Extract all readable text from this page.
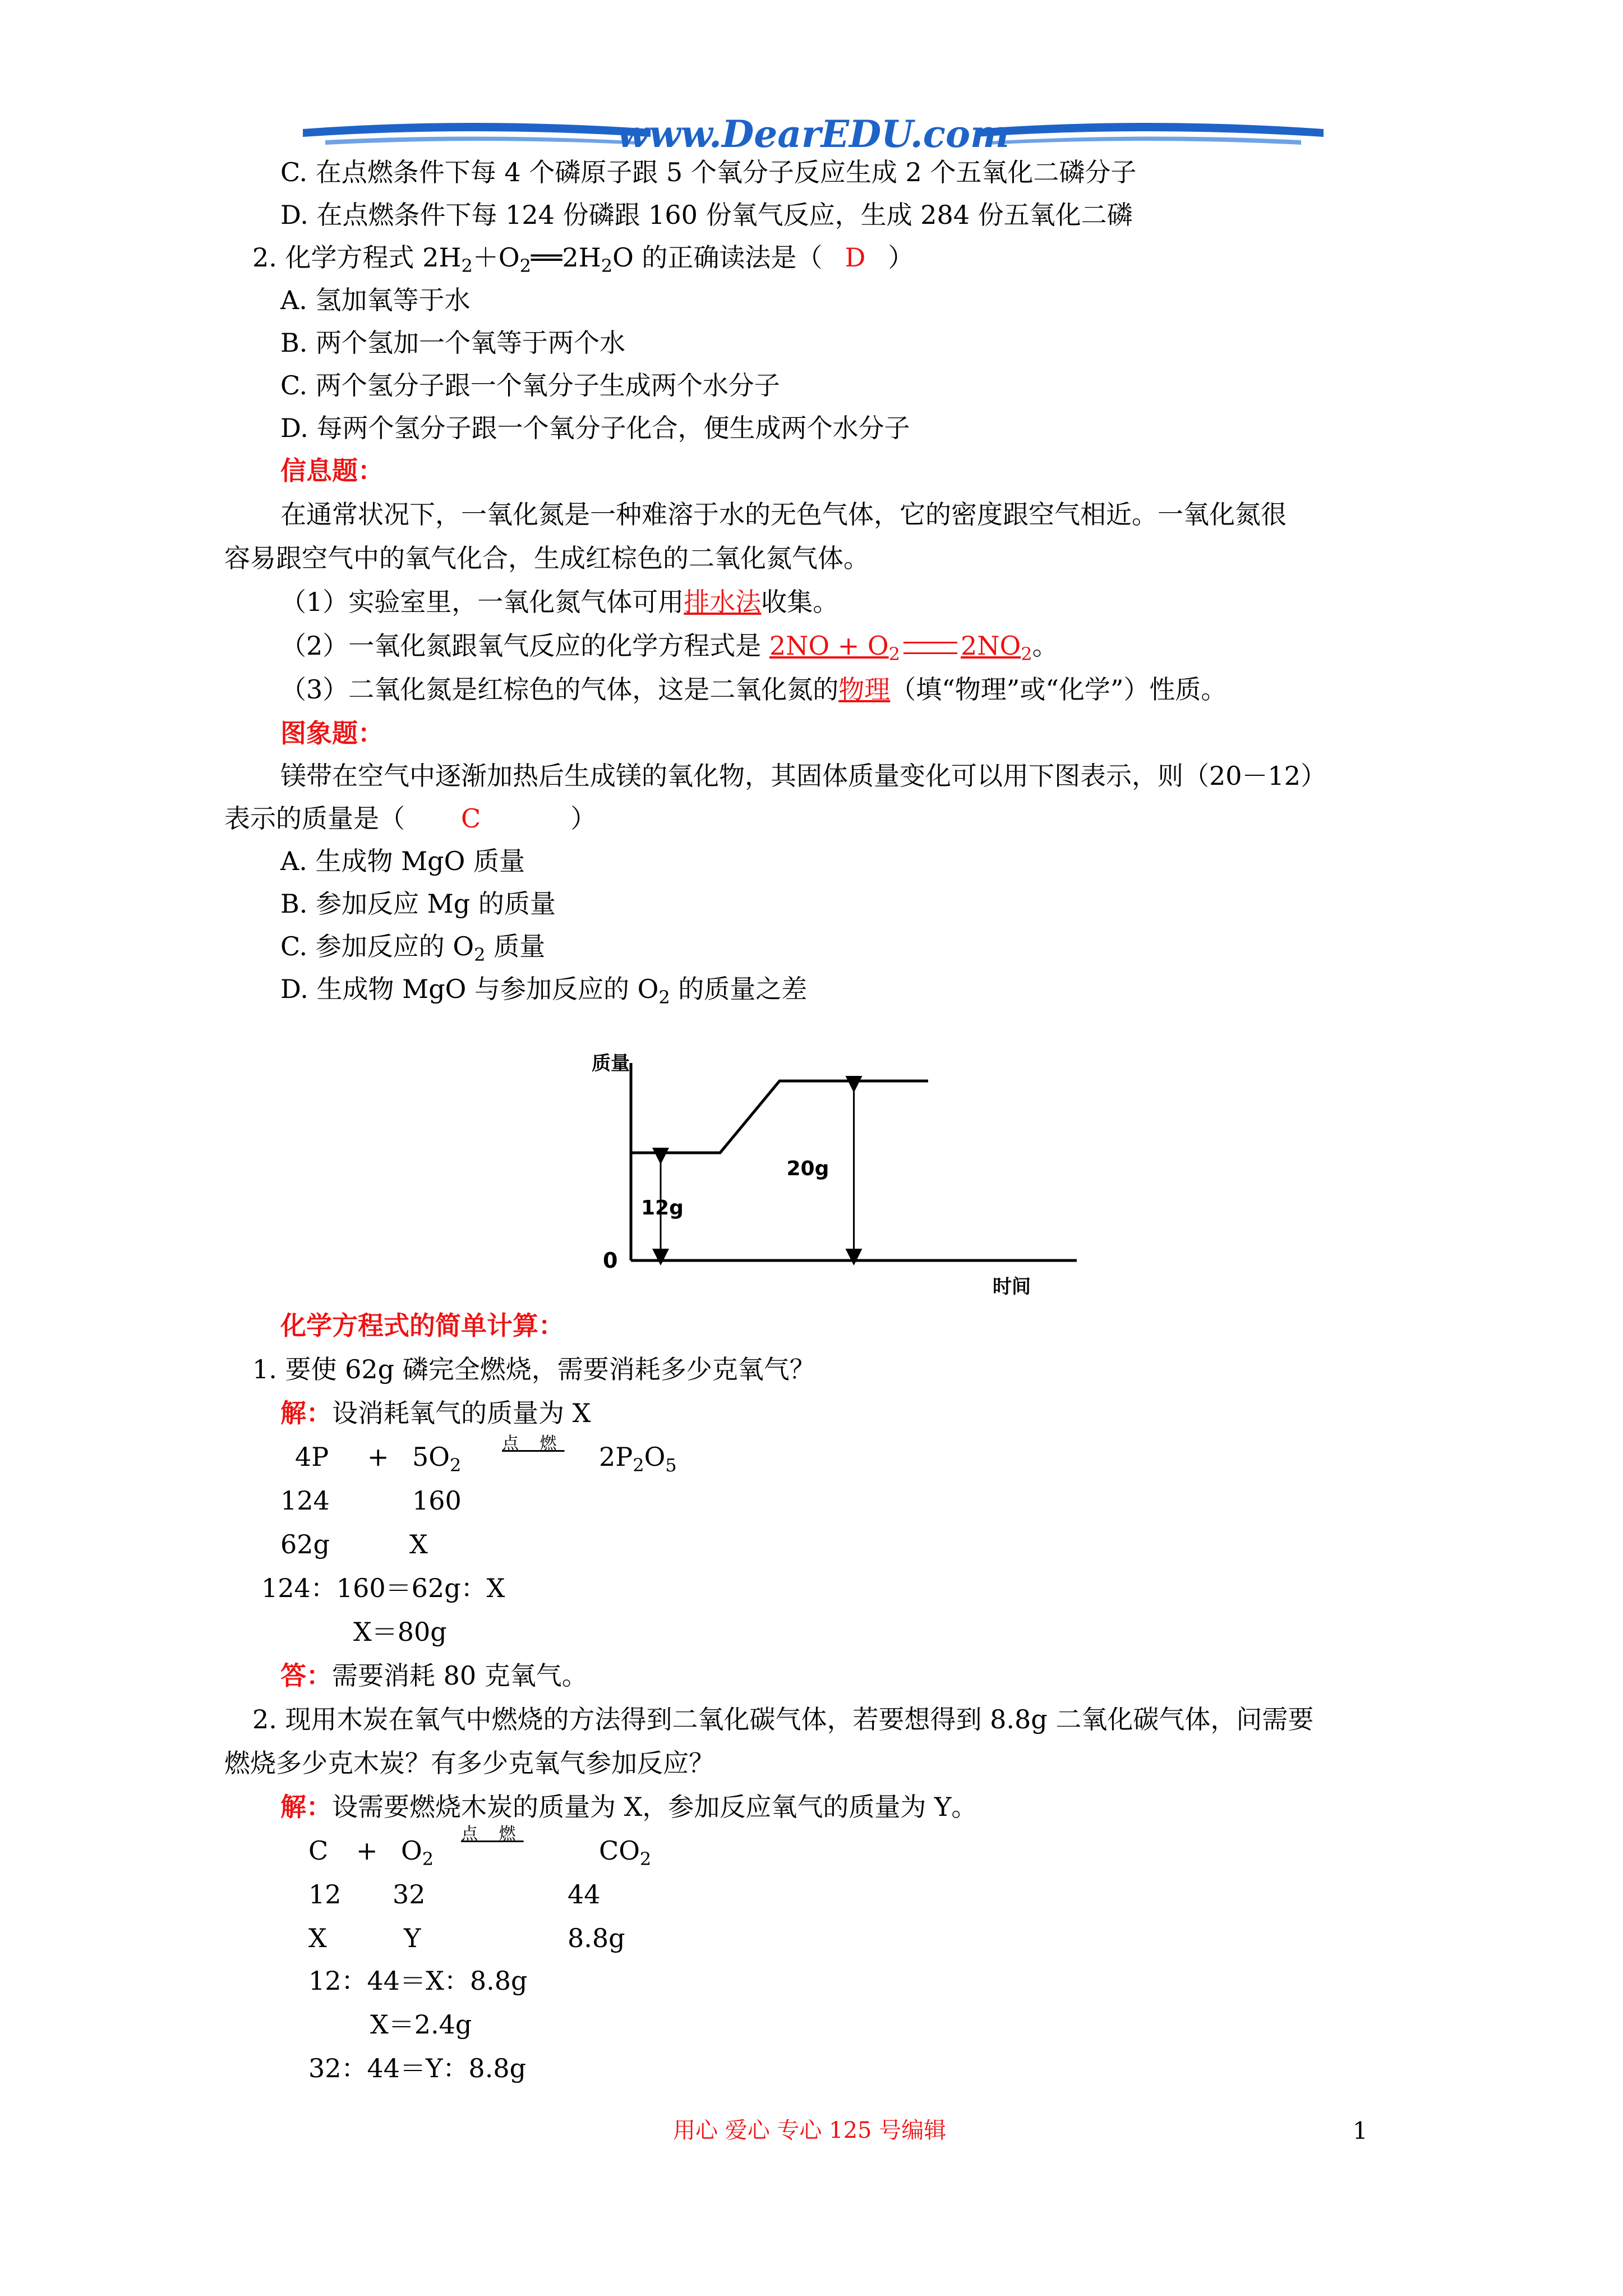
www.DearEDU.com
C. 在点燃条件下每 4 个磷原子跟 5 个氧分子反应生成 2 个五氧化二磷分子
D. 在点燃条件下每 124 份磷跟 160 份氧气反应，生成 284 份五氧化二磷
2. 化学方程式 $2H_2+O_2══2H_2O$ 的正确读法是（ D ）
A. 氢加氧等于水
B. 两个氢加一个氧等于两个水
C. 两个氢分子跟一个氧分子生成两个水分子
D. 每两个氢分子跟一个氧分子化合，便生成两个水分子
信息题：
在通常状况下，一氧化氮是一种难溶于水的无色气体，它的密度跟空气相近。一氧化氮很
容易跟空气中的氧气化合，生成红棕色的二氧化氮气体。
（1）实验室里，一氧化氮气体可用排水法收集。
（2）一氧化氮跟氧气反应的化学方程式是 $2NO + O_2$ $2NO_2$。
（3）二氧化氮是红棕色的气体，这是二氧化氮的物理（填“物理”或“化学”）性质。
图象题：
镁带在空气中逐渐加热后生成镁的氧化物，其固体质量变化可以用下图表示，则（20－12）
表示的质量是（ C	）
A. 生成物 MgO 质量
B. 参加反应 Mg 的质量
C. 参加反应的 $O_2$ 质量
D. 生成物 MgO 与参加反应的 $O_2$ 的质量之差
质量
时间
0
12g
20g
化学方程式的简单计算：
1. 要使 62g 磷完全燃烧，需要消耗多少克氧气？
解：设消耗氧气的质量为 X
$4P + 5O_2$
点 燃 $2P_2O_5$
124	160
62g	X
124：160＝62g：X
X＝80g
答：需要消耗 80 克氧气。
2. 现用木炭在氧气中燃烧的方法得到二氧化碳气体，若要想得到 8.8g 二氧化碳气体，问需要
燃烧多少克木炭？有多少克氧气参加反应？
解：设需要燃烧木炭的质量为 X，参加反应氧气的质量为 Y。
$C + O_2$
点 燃
$CO_2$
12 32	44
X	Y	8.8g
12：44＝X：8.8g
X＝2.4g
32：44＝Y：8.8g
用心 爱心 专心 125 号编辑	1
